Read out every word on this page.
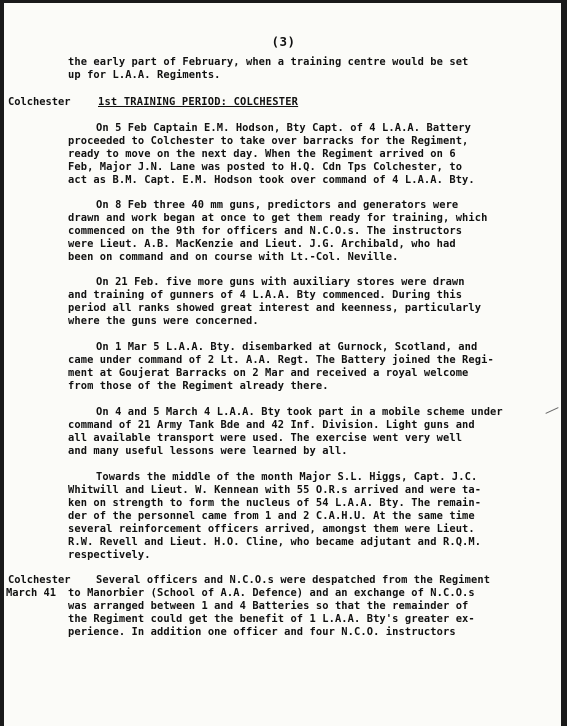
(3)
the early part of February, when a training centre would be set
up for L.A.A. Regiments.
Colchester	1st TRAINING PERIOD: COLCHESTER
On 5 Feb Captain E.M. Hodson, Bty Capt. of 4 L.A.A. Battery
proceeded to Colchester to take over barracks for the Regiment,
ready to move on the next day. When the Regiment arrived on 6
Feb, Major J.N. Lane was posted to H.Q. Cdn Tps Colchester, to
act as B.M. Capt. E.M. Hodson took over command of 4 L.A.A. Bty.
On 8 Feb three 40 mm guns, predictors and generators were
drawn and work began at once to get them ready for training, which
commenced on the 9th for officers and N.C.O.s. The instructors
were Lieut. A.B. MacKenzie and Lieut. J.G. Archibald, who had
been on command and on course with Lt.-Col. Neville.
On 21 Feb. five more guns with auxiliary stores were drawn
and training of gunners of 4 L.A.A. Bty commenced. During this
period all ranks showed great interest and keenness, particularly
where the guns were concerned.
On 1 Mar 5 L.A.A. Bty. disembarked at Gurnock, Scotland, and
came under command of 2 Lt. A.A. Regt. The Battery joined the Regi-
ment at Goujerat Barracks on 2 Mar and received a royal welcome
from those of the Regiment already there.
On 4 and 5 March 4 L.A.A. Bty took part in a mobile scheme under
command of 21 Army Tank Bde and 42 Inf. Division. Light guns and
all available transport were used. The exercise went very well
and many useful lessons were learned by all.
Towards the middle of the month Major S.L. Higgs, Capt. J.C.
Whitwill and Lieut. W. Kennean with 55 O.R.s arrived and were ta-
ken on strength to form the nucleus of 54 L.A.A. Bty. The remain-
der of the personnel came from 1 and 2 C.A.H.U. At the same time
several reinforcement officers arrived, amongst them were Lieut.
R.W. Revell and Lieut. H.O. Cline, who became adjutant and R.Q.M.
respectively.
Colchester
March 41
Several officers and N.C.O.s were despatched from the Regiment
to Manorbier (School of A.A. Defence) and an exchange of N.C.O.s
was arranged between 1 and 4 Batteries so that the remainder of
the Regiment could get the benefit of 1 L.A.A. Bty's greater ex-
perience. In addition one officer and four N.C.O. instructors
